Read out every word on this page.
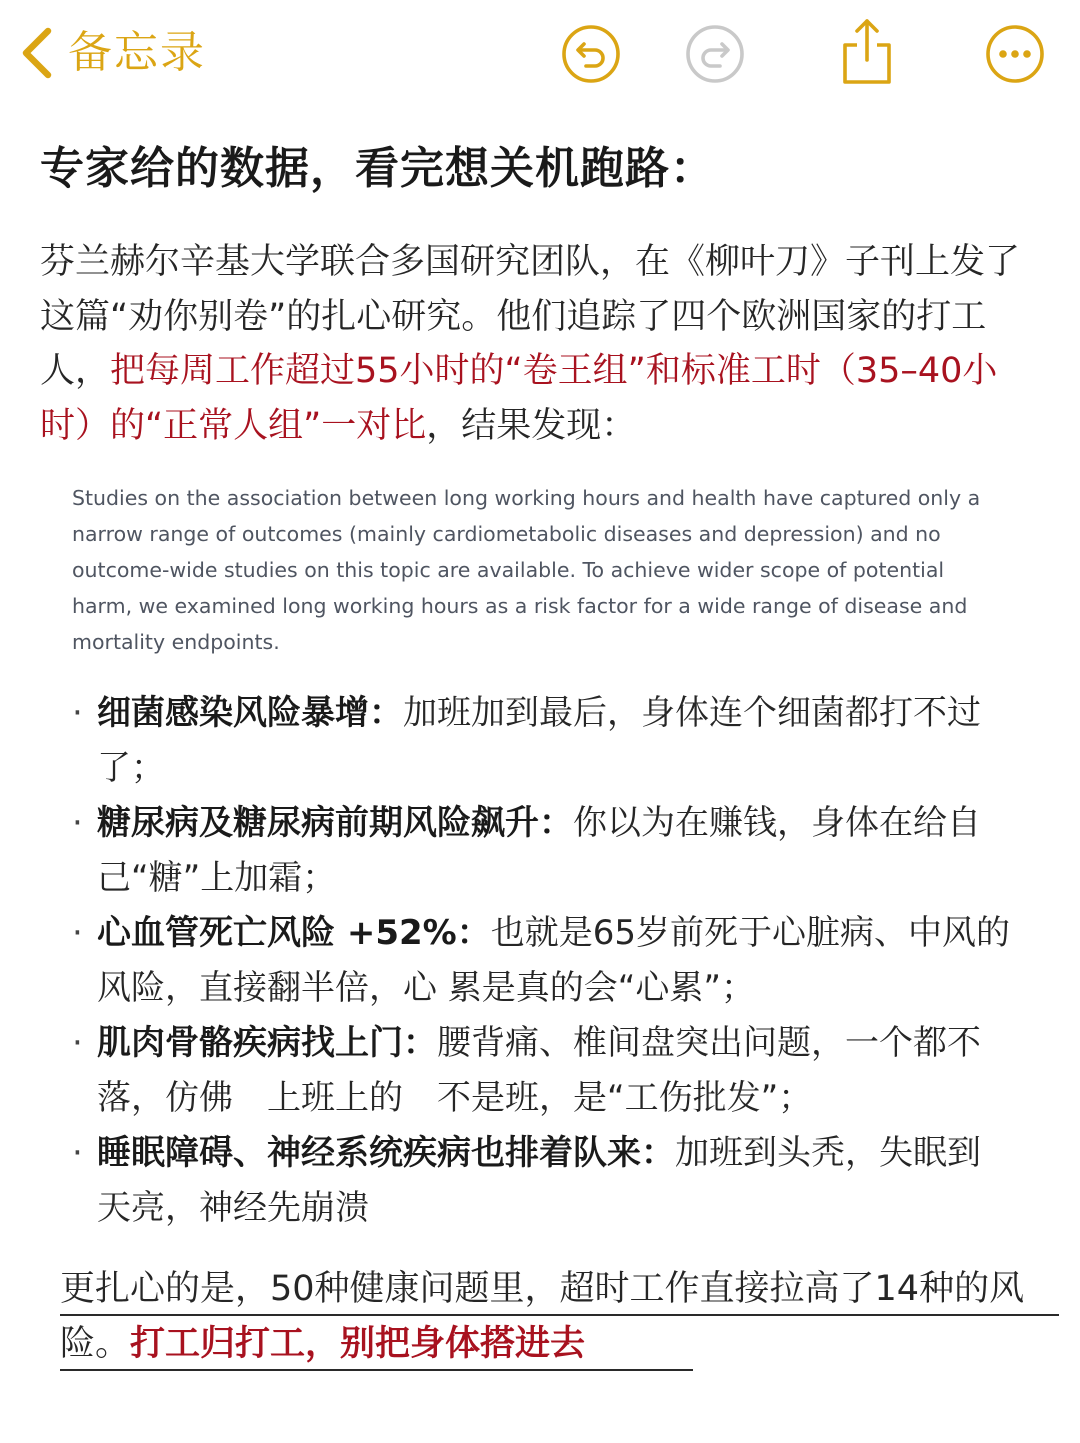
备忘录
专家给的数据，看完想关机跑路：

芬兰赫尔辛基大学联合多国研究团队，在《柳叶刀》子刊上发了这篇“劝你别卷”的扎心研究。他们追踪了四个欧洲国家的打工人，把每周工作超过55小时的“卷王组”和标准工时（35–40小时）的“正常人组”一对比，结果发现：

Studies on the association between long working hours and health have captured only a narrow range of outcomes (mainly cardiometabolic diseases and depression) and no outcome-wide studies on this topic are available. To achieve wider scope of potential harm, we examined long working hours as a risk factor for a wide range of disease and mortality endpoints.

· 细菌感染风险暴增：加班加到最后，身体连个细菌都打不过了；
· 糖尿病及糖尿病前期风险飙升：你以为在赚钱，身体在给自己“糖”上加霜；
· 心血管死亡风险 +52%：也就是65岁前死于心脏病、中风的风险，直接翻半倍，心 累是真的会“心累”；
· 肌肉骨骼疾病找上门：腰背痛、椎间盘突出问题，一个都不落，仿佛　上班上的　不是班，是“工伤批发”；
· 睡眠障碍、神经系统疾病也排着队来：加班到头秃，失眠到天亮，神经先崩溃

更扎心的是，50种健康问题里，超时工作直接拉高了14种的风险。打工归打工，别把身体搭进去
